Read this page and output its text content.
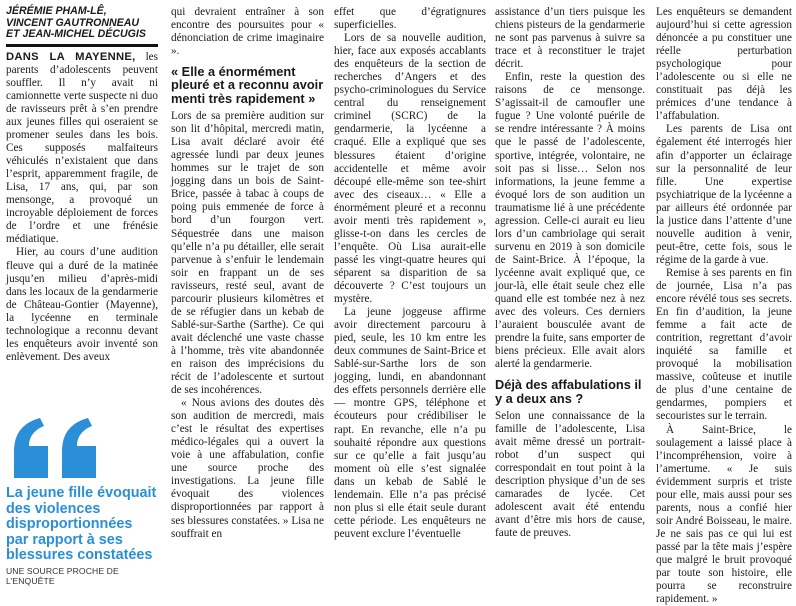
JÉRÉMIE PHAM-LÊ,
VINCENT GAUTRONNEAU
ET JEAN-MICHEL DÉCUGIS

DANS LA MAYENNE, les parents d’adolescents peuvent souffler. Il n’y avait ni camionnette verte suspecte ni duo de ravisseurs prêt à s’en prendre aux jeunes filles qui oseraient se promener seules dans les bois. Ces supposés malfaiteurs véhiculés n’existaient que dans l’esprit, apparemment fragile, de Lisa, 17 ans, qui, par son mensonge, a provoqué un incroyable déploiement de forces de l’ordre et une frénésie médiatique.

Hier, au cours d’une audition fleuve qui a duré de la matinée jusqu’en milieu d’après-midi dans les locaux de la gendarmerie de Château-Gontier (Mayenne), la lycéenne en terminale technologique a reconnu devant les enquêteurs avoir inventé son enlèvement. Des aveux

La jeune fille évoquait des violences disproportionnées par rapport à ses blessures constatées
UNE SOURCE PROCHE DE L’ENQUÊTE

qui devraient entraîner à son encontre des poursuites pour « dénonciation de crime imaginaire ».

« Elle a énormément pleuré et a reconnu avoir menti très rapidement »

Lors de sa première audition sur son lit d’hôpital, mercredi matin, Lisa avait déclaré avoir été agressée lundi par deux jeunes hommes sur le trajet de son jogging dans un bois de Saint-Brice, passée à tabac à coups de poing puis emmenée de force à bord d’un fourgon vert. Séquestrée dans une maison qu’elle n’a pu détailler, elle serait parvenue à s’enfuir le lendemain soir en frappant un de ses ravisseurs, resté seul, avant de parcourir plusieurs kilomètres et de se réfugier dans un kebab de Sablé-sur-Sarthe (Sarthe). Ce qui avait déclenché une vaste chasse à l’homme, très vite abandonnée en raison des imprécisions du récit de l’adolescente et surtout de ses incohérences.

« Nous avions des doutes dès son audition de mercredi, mais c’est le résultat des expertises médico-légales qui a ouvert la voie à une affabulation, confie une source proche des investigations. La jeune fille évoquait des violences disproportionnées par rapport à ses blessures constatées. » Lisa ne souffrait en

effet que d’égratignures superficielles.

Lors de sa nouvelle audition, hier, face aux exposés accablants des enquêteurs de la section de recherches d’Angers et des psycho-criminologues du Service central du renseignement criminel (SCRC) de la gendarmerie, la lycéenne a craqué. Elle a expliqué que ses blessures étaient d’origine accidentelle et même avoir découpé elle-même son tee-shirt avec des ciseaux… « Elle a énormément pleuré et a reconnu avoir menti très rapidement », glisse-t-on dans les cercles de l’enquête. Où Lisa aurait-elle passé les vingt-quatre heures qui séparent sa disparition de sa découverte ? C’est toujours un mystère.

La jeune joggeuse affirme avoir directement parcouru à pied, seule, les 10 km entre les deux communes de Saint-Brice et Sablé-sur-Sarthe lors de son jogging, lundi, en abandonnant des effets personnels derrière elle — montre GPS, téléphone et écouteurs pour crédibiliser le rapt. En revanche, elle n’a pu souhaité répondre aux questions sur ce qu’elle a fait jusqu’au moment où elle s’est signalée dans un kebab de Sablé le lendemain. Elle n’a pas précisé non plus si elle était seule durant cette période. Les enquêteurs ne peuvent exclure l’éventuelle

assistance d’un tiers puisque les chiens pisteurs de la gendarmerie ne sont pas parvenus à suivre sa trace et à reconstituer le trajet décrit.

Enfin, reste la question des raisons de ce mensonge. S’agissait-il de camoufler une fugue ? Une volonté puérile de se rendre intéressante ? À moins que le passé de l’adolescente, sportive, intégrée, volontaire, ne soit pas si lisse… Selon nos informations, la jeune femme a évoqué lors de son audition un traumatisme lié à une précédente agression. Celle-ci aurait eu lieu lors d’un cambriolage qui serait survenu en 2019 à son domicile de Saint-Brice. À l’époque, la lycéenne avait expliqué que, ce jour-là, elle était seule chez elle quand elle est tombée nez à nez avec des voleurs. Ces derniers l’auraient bousculée avant de prendre la fuite, sans emporter de biens précieux. Elle avait alors alerté la gendarmerie.

Déjà des affabulations il y a deux ans ?

Selon une connaissance de la famille de l’adolescente, Lisa avait même dressé un portrait-robot d’un suspect qui correspondait en tout point à la description physique d’un de ses camarades de lycée. Cet adolescent avait été entendu avant d’être mis hors de cause, faute de preuves.

Les enquêteurs se demandent aujourd’hui si cette agression dénoncée a pu constituer une réelle perturbation psychologique pour l’adolescente ou si elle ne constituait pas déjà les prémices d’une tendance à l’affabulation.

Les parents de Lisa ont également été interrogés hier afin d’apporter un éclairage sur la personnalité de leur fille. Une expertise psychiatrique de la lycéenne a par ailleurs été ordonnée par la justice dans l’attente d’une nouvelle audition à venir, peut-être, cette fois, sous le régime de la garde à vue.

Remise à ses parents en fin de journée, Lisa n’a pas encore révélé tous ses secrets. En fin d’audition, la jeune femme a fait acte de contrition, regrettant d’avoir inquiété sa famille et provoqué la mobilisation massive, coûteuse et inutile de plus d’une centaine de gendarmes, pompiers et secouristes sur le terrain.

À Saint-Brice, le soulagement a laissé place à l’incompréhension, voire à l’amertume. « Je suis évidemment surpris et triste pour elle, mais aussi pour ses parents, nous a confié hier soir André Boisseau, le maire. Je ne sais pas ce qui lui est passé par la tête mais j’espère que malgré le bruit provoqué par toute son histoire, elle pourra se reconstruire rapidement. »
